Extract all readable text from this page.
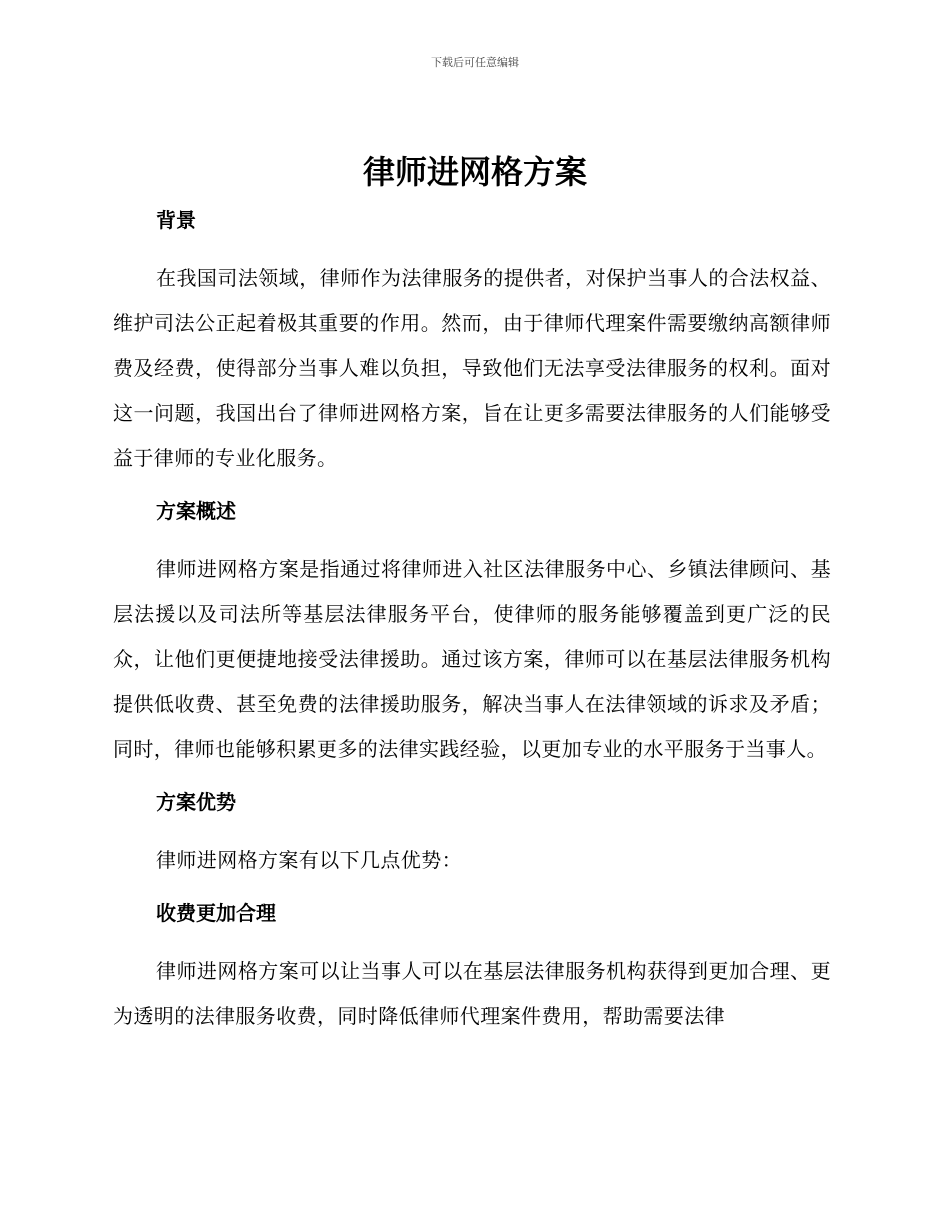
下载后可任意编辑
律师进网格方案

背景

在我国司法领域，律师作为法律服务的提供者，对保护当事人的合法权益、维护司法公正起着极其重要的作用。然而，由于律师代理案件需要缴纳高额律师费及经费，使得部分当事人难以负担，导致他们无法享受法律服务的权利。面对这一问题，我国出台了律师进网格方案，旨在让更多需要法律服务的人们能够受益于律师的专业化服务。

方案概述

律师进网格方案是指通过将律师进入社区法律服务中心、乡镇法律顾问、基层法援以及司法所等基层法律服务平台，使律师的服务能够覆盖到更广泛的民众，让他们更便捷地接受法律援助。通过该方案，律师可以在基层法律服务机构提供低收费、甚至免费的法律援助服务，解决当事人在法律领域的诉求及矛盾；同时，律师也能够积累更多的法律实践经验，以更加专业的水平服务于当事人。

方案优势

律师进网格方案有以下几点优势：

收费更加合理

律师进网格方案可以让当事人可以在基层法律服务机构获得到更加合理、更为透明的法律服务收费，同时降低律师代理案件费用，帮助需要法律
